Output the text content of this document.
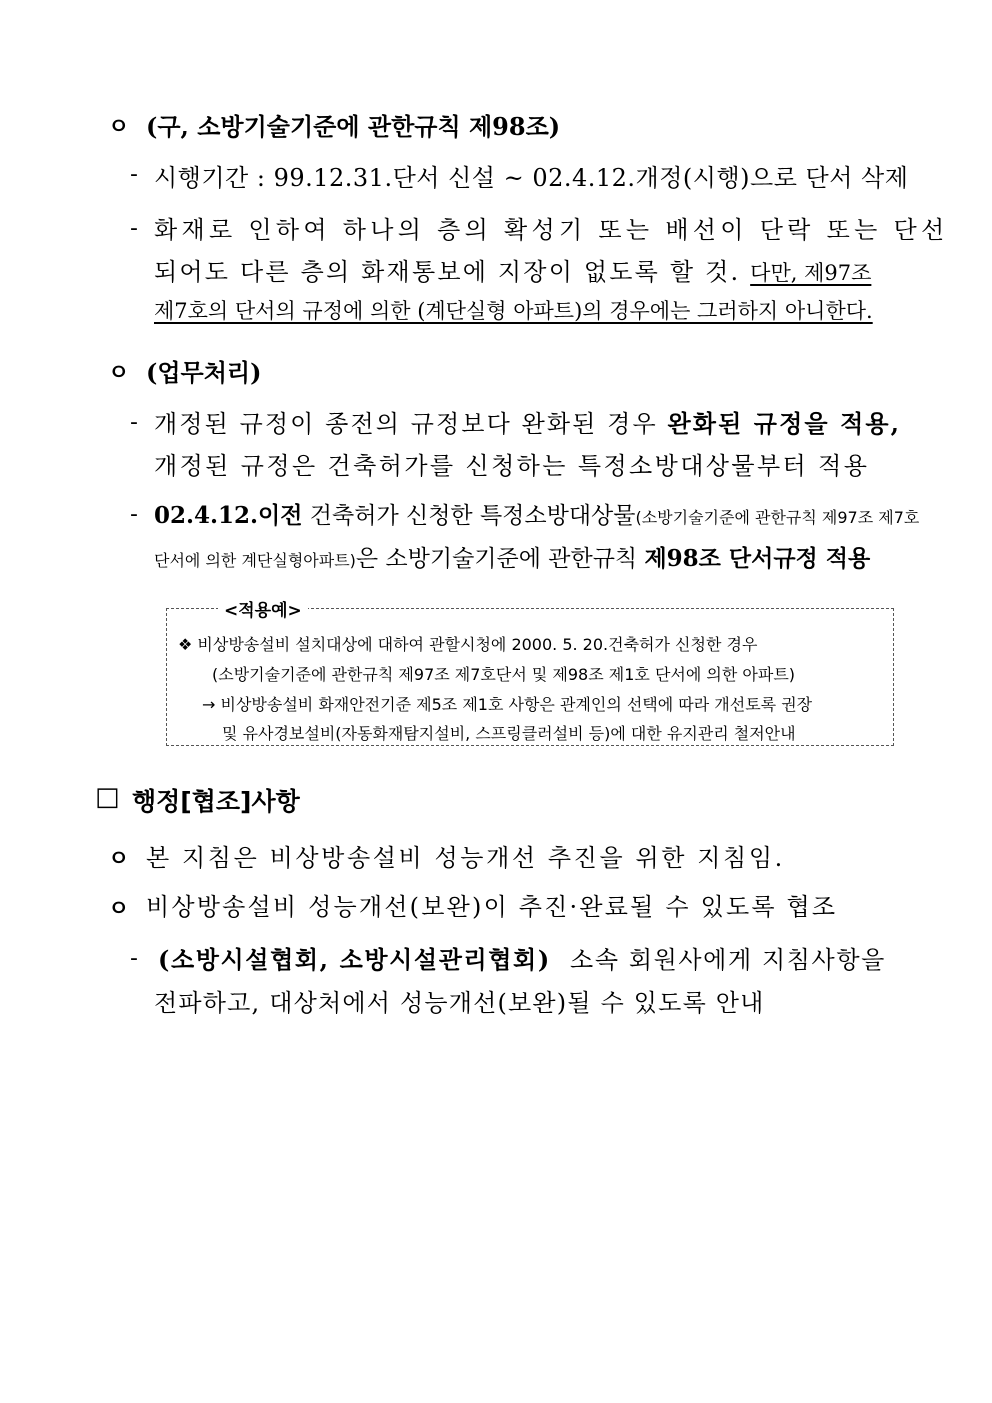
ㅇ (구, 소방기술기준에 관한규칙 제98조)
- 시행기간 : 99.12.31.단서 신설 ~ 02.4.12.개정(시행)으로 단서 삭제
- 화재로 인하여 하나의 층의 확성기 또는 배선이 단락 또는 단선
되어도 다른 층의 화재통보에 지장이 없도록 할 것. 다만, 제97조
제7호의 단서의 규정에 의한 (계단실형 아파트)의 경우에는 그러하지 아니한다.
ㅇ (업무처리)
- 개정된 규정이 종전의 규정보다 완화된 경우 완화된 규정을 적용,
개정된 규정은 건축허가를 신청하는 특정소방대상물부터 적용
- 02.4.12.이전 건축허가 신청한 특정소방대상물(소방기술기준에 관한규칙 제97조 제7호
단서에 의한 계단실형아파트)은 소방기술기준에 관한규칙 제98조 단서규정 적용
<적용예>
❖ 비상방송설비 설치대상에 대하여 관할시청에 2000. 5. 20.건축허가 신청한 경우
(소방기술기준에 관한규칙 제97조 제7호단서 및 제98조 제1호 단서에 의한 아파트)
→ 비상방송설비 화재안전기준 제5조 제1호 사항은 관계인의 선택에 따라 개선토록 권장
및 유사경보설비(자동화재탐지설비, 스프링클러설비 등)에 대한 유지관리 철저안내
□ 행정[협조]사항
ㅇ 본 지침은 비상방송설비 성능개선 추진을 위한 지침임.
ㅇ 비상방송설비 성능개선(보완)이 추진·완료될 수 있도록 협조
- (소방시설협회, 소방시설관리협회) 소속 회원사에게 지침사항을
전파하고, 대상처에서 성능개선(보완)될 수 있도록 안내
